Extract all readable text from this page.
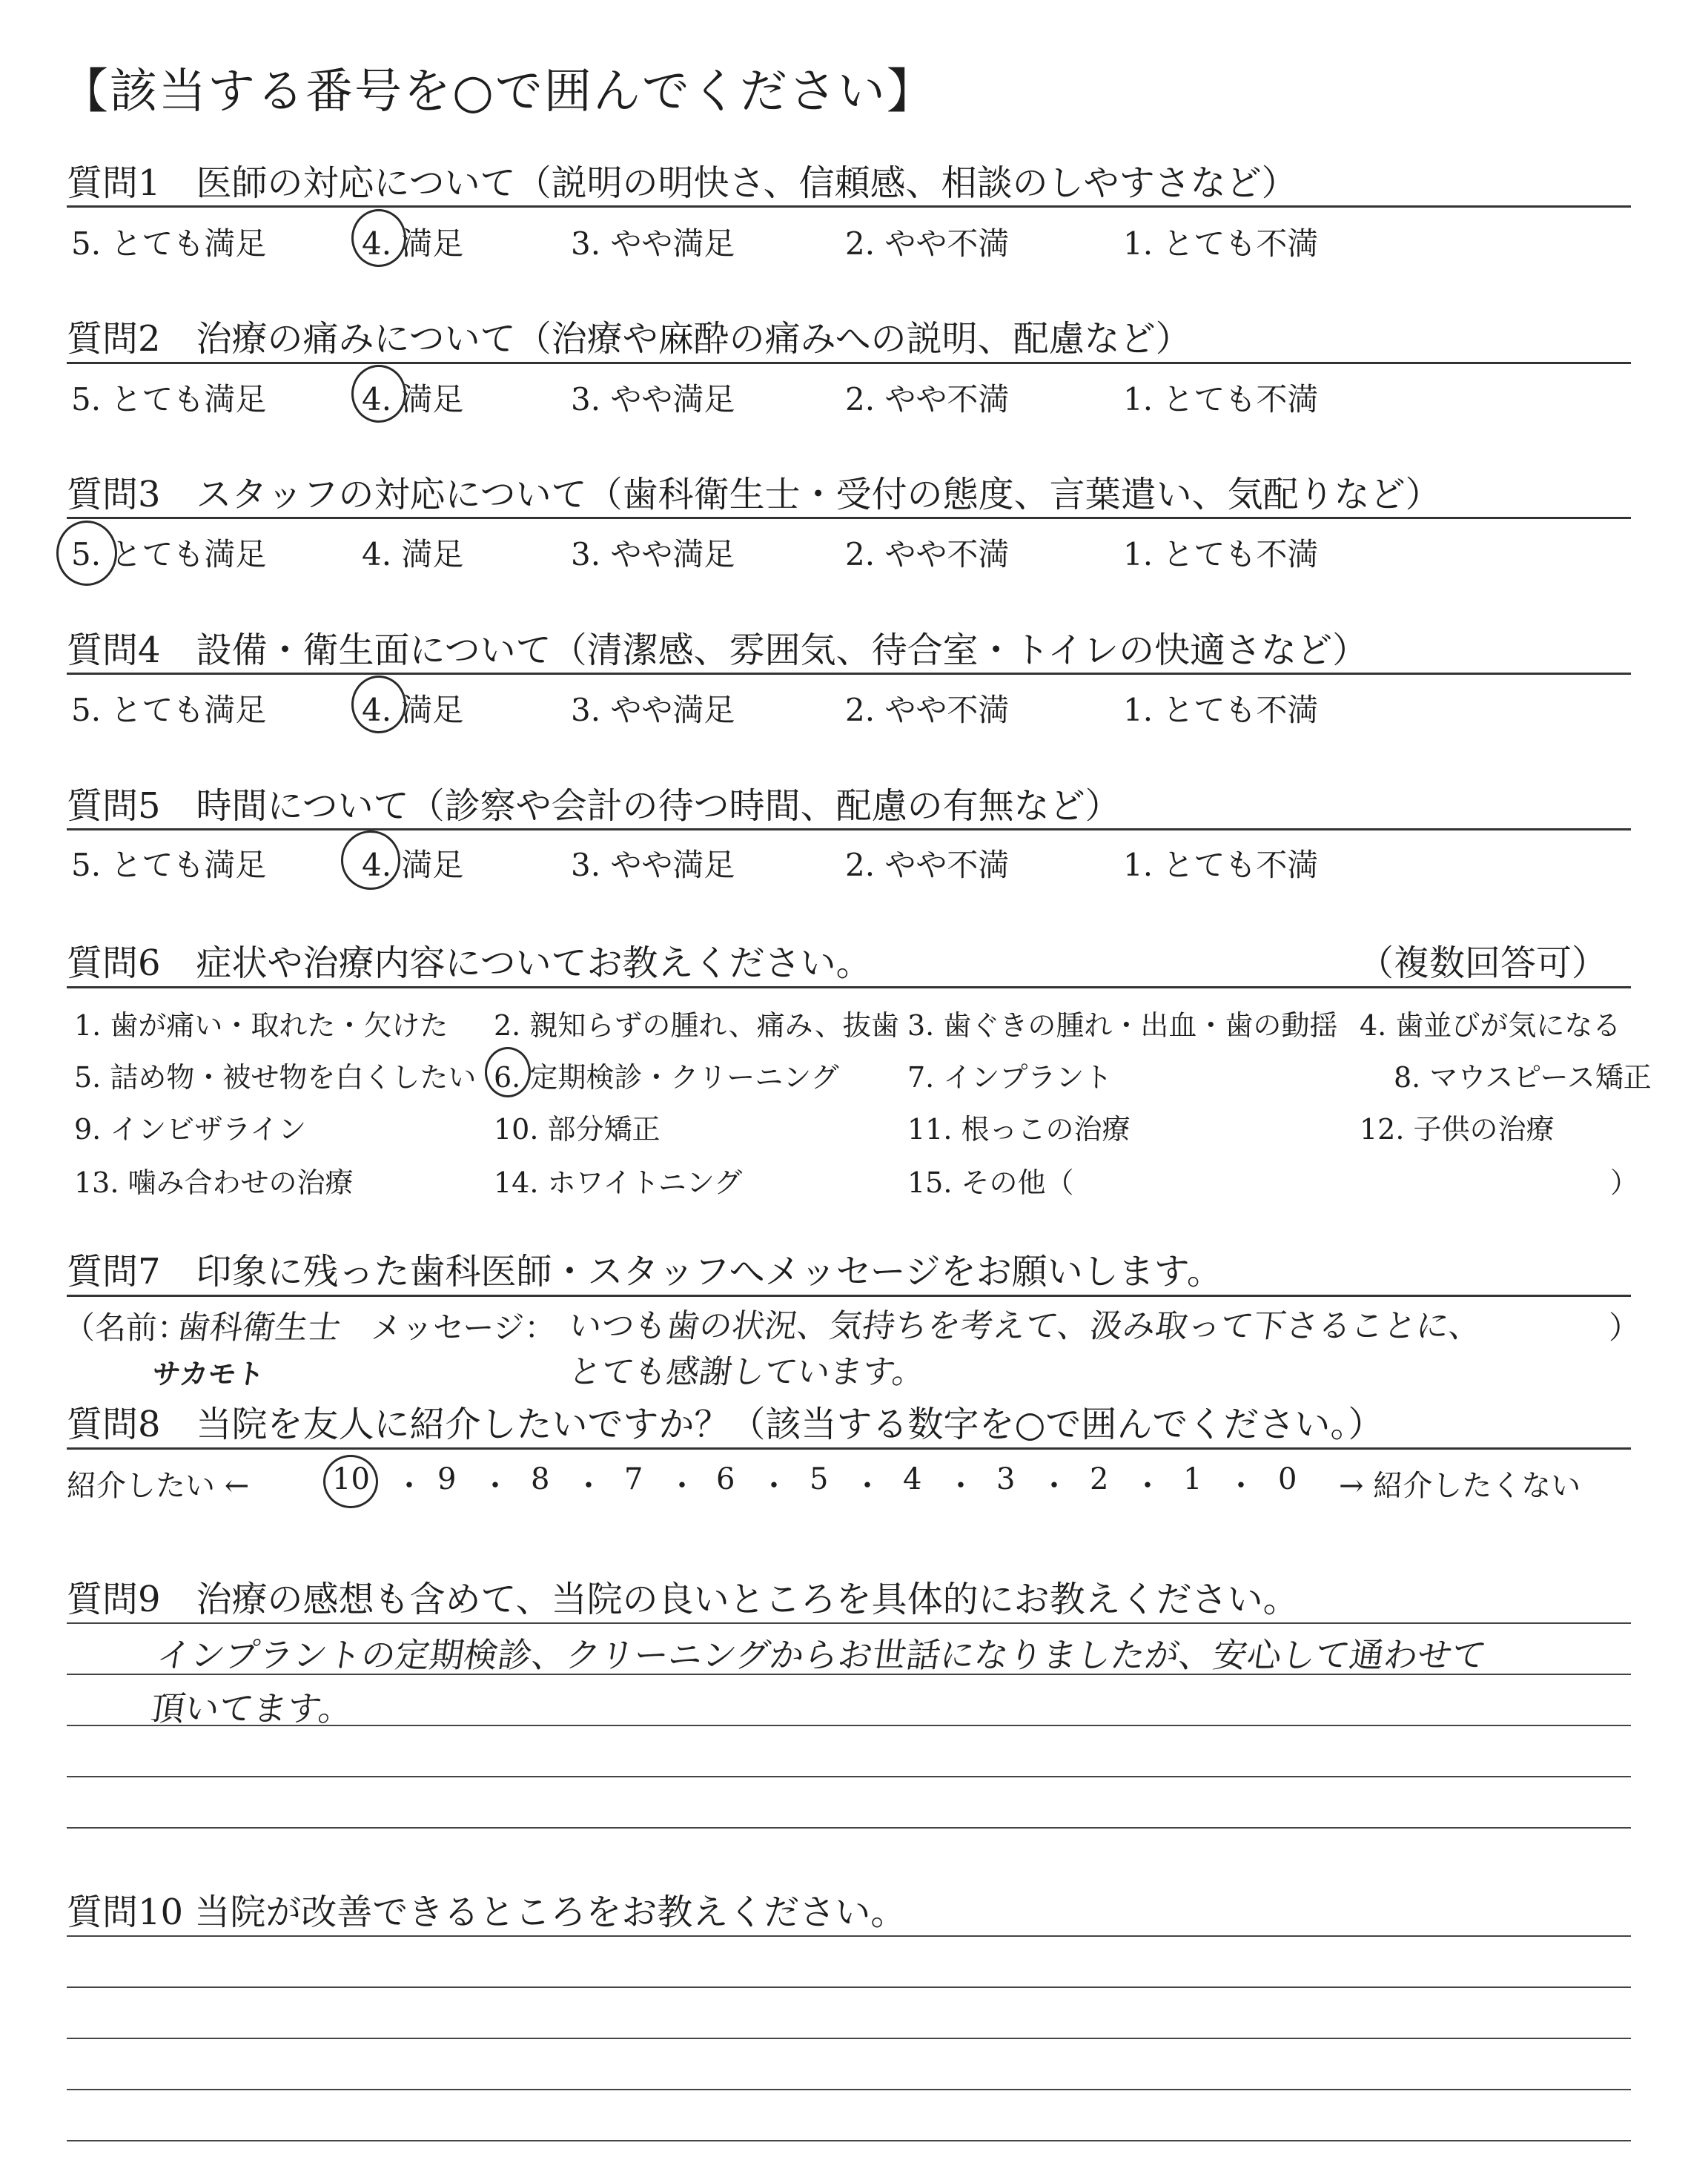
【該当する番号を○で囲んでください】
質問1　医師の対応について（説明の明快さ、信頼感、相談のしやすさなど）
5. とても満足	4. 満足	3. やや満足	2. やや不満	1. とても不満
質問2　治療の痛みについて（治療や麻酔の痛みへの説明、配慮など）
5. とても満足	4. 満足	3. やや満足	2. やや不満	1. とても不満
質問3　スタッフの対応について（歯科衛生士・受付の態度、言葉遣い、気配りなど）
5. とても満足	4. 満足	3. やや満足	2. やや不満	1. とても不満
質問4　設備・衛生面について（清潔感、雰囲気、待合室・トイレの快適さなど）
5. とても満足	4. 満足	3. やや満足	2. やや不満	1. とても不満
質問5　時間について（診察や会計の待つ時間、配慮の有無など）
5. とても満足	4. 満足	3. やや満足	2. やや不満	1. とても不満
質問6　症状や治療内容についてお教えください。	（複数回答可）
1. 歯が痛い・取れた・欠けた 2. 親知らずの腫れ、痛み、抜歯 3. 歯ぐきの腫れ・出血・歯の動揺 4. 歯並びが気になる
5. 詰め物・被せ物を白くしたい 6. 定期検診・クリーニング 7. インプラント	8. マウスピース矯正
9. インビザライン	10. 部分矯正	11. 根っこの治療	12. 子供の治療
13. 噛み合わせの治療	14. ホワイトニング	15. その他（	）
質問7　印象に残った歯科医師・スタッフへメッセージをお願いします。
（名前：
歯科衛生士
サカモト
メッセージ： いつも歯の状況、気持ちを考えて、汲み取って下さることに、
とても感謝しています。
）
質問8　当院を友人に紹介したいですか？（該当する数字を○で囲んでください。）
紹介したい ←	10 ・ 9 ・ 8 ・ 7 ・ 6 ・ 5 ・ 4 ・ 3 ・ 2 ・ 1 ・ 0 → 紹介したくない
質問9　治療の感想も含めて、当院の良いところを具体的にお教えください。
インプラントの定期検診、クリーニングからお世話になりましたが、安心して通わせて
頂いてます。
質問10 当院が改善できるところをお教えください。
